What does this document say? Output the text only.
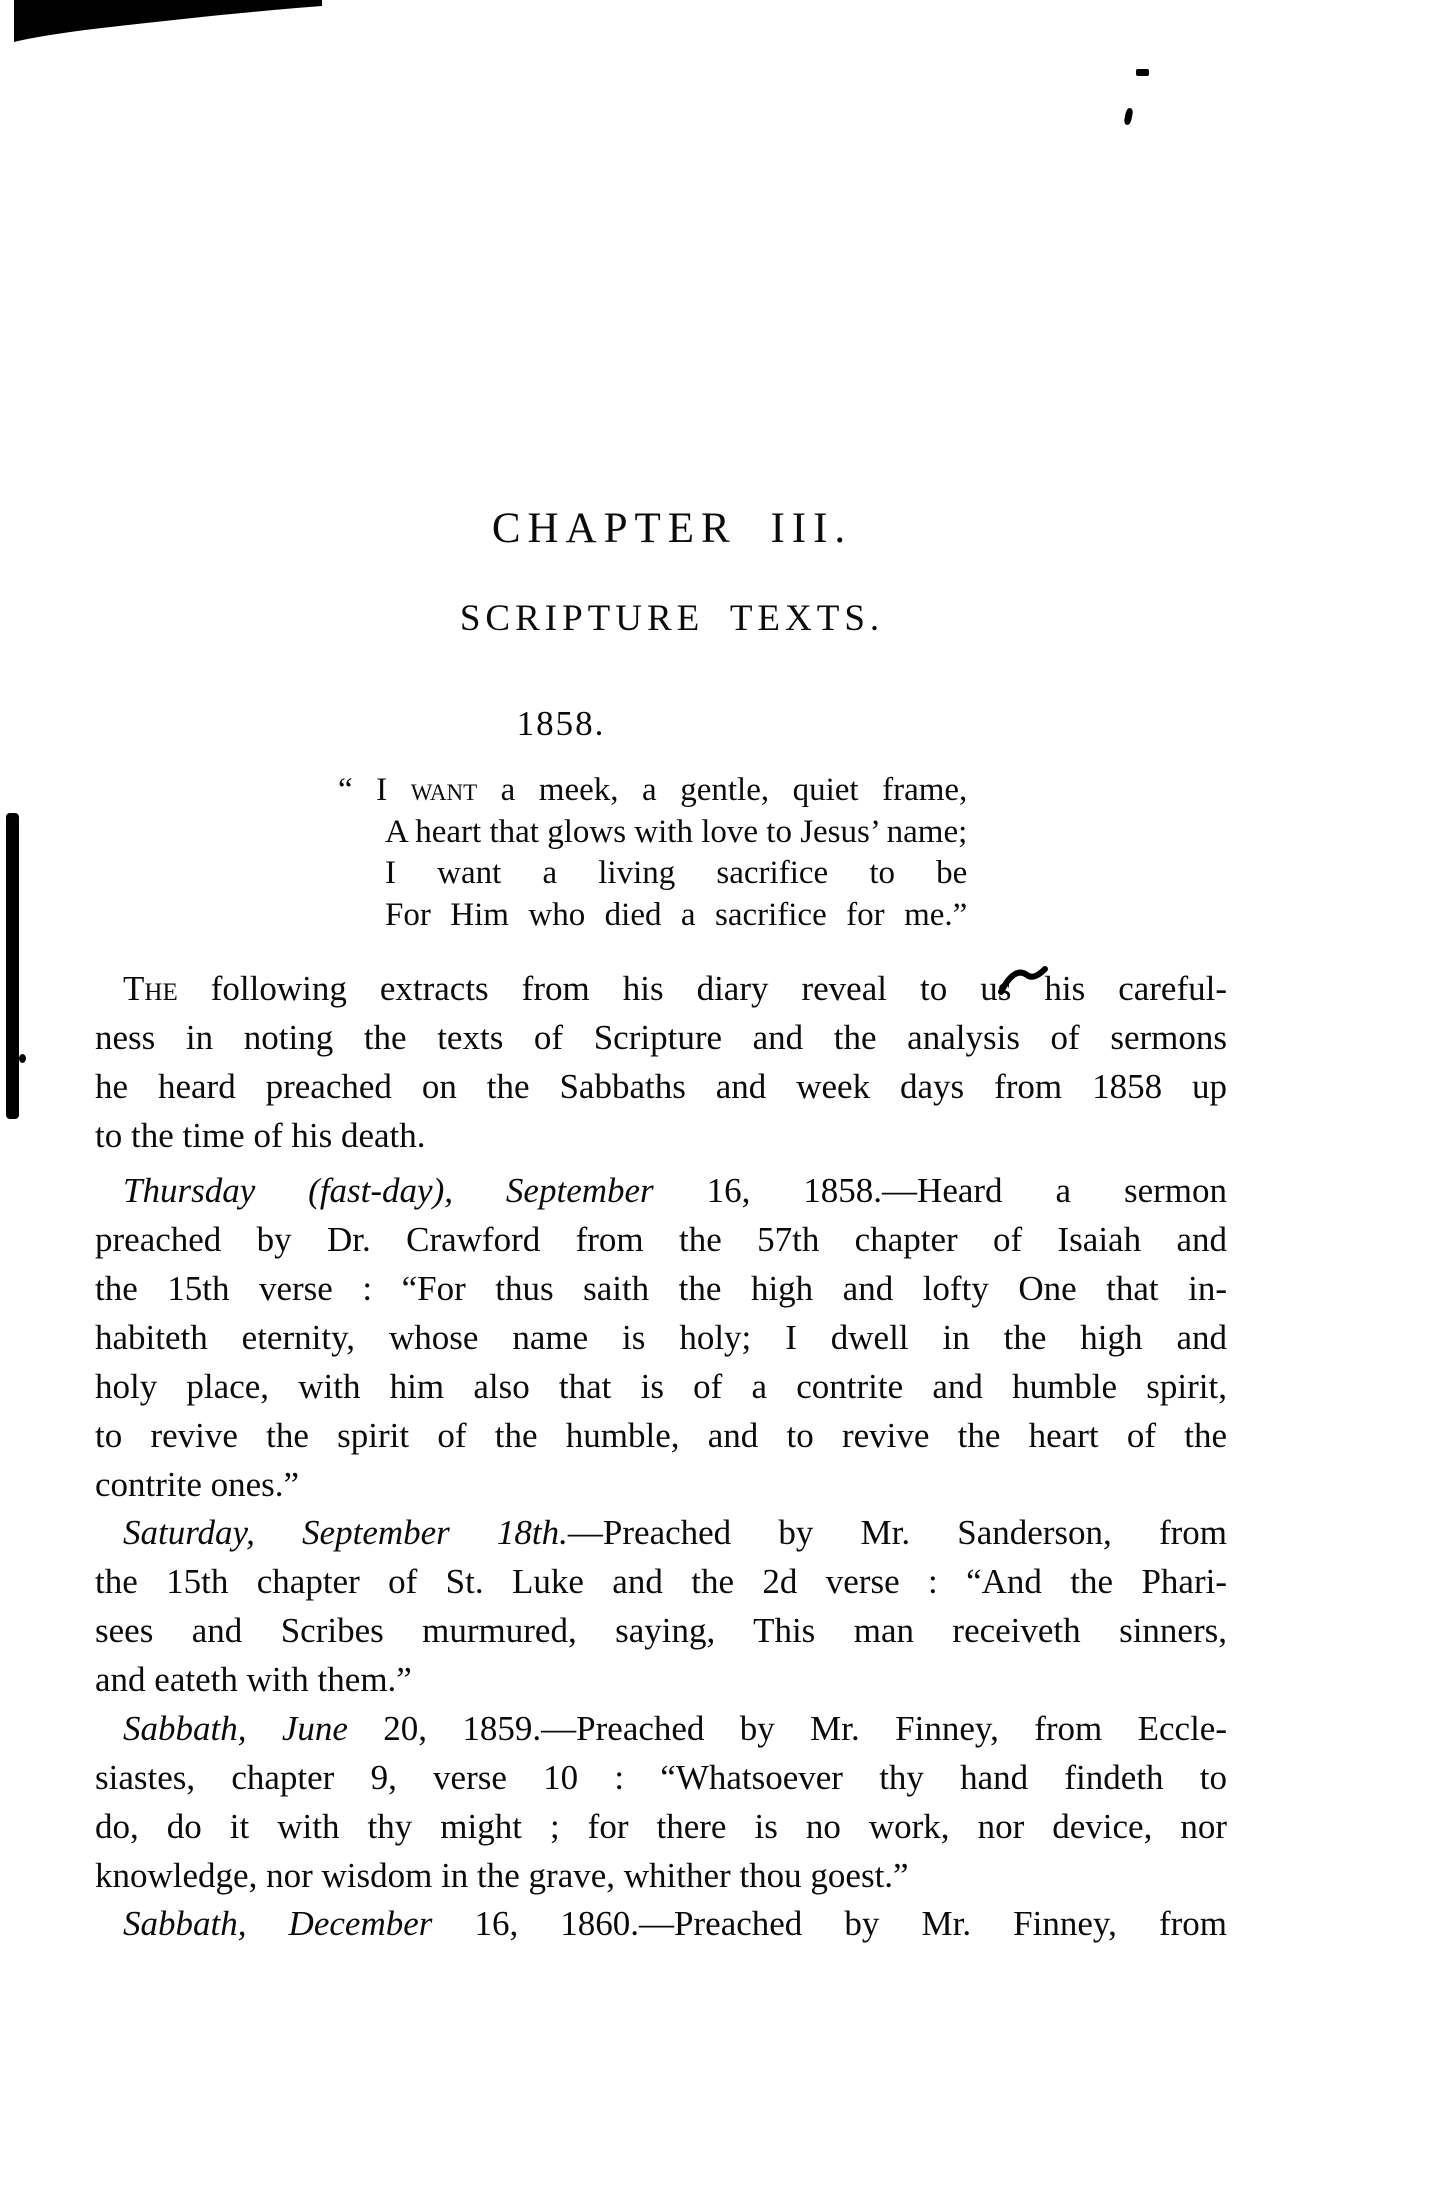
CHAPTER III.
SCRIPTURE TEXTS.
1858.
“ I want a meek, a gentle, quiet frame,
A heart that glows with love to Jesus’ name;
I want a living sacrifice to be
For Him who died a sacrifice for me.”
The following extracts from his diary reveal to us his careful-
ness in noting the texts of Scripture and the analysis of sermons
he heard preached on the Sabbaths and week days from 1858 up
to the time of his death.
Thursday (fast-day), September 16, 1858.—Heard a sermon
preached by Dr. Crawford from the 57th chapter of Isaiah and
the 15th verse : “For thus saith the high and lofty One that in-
habiteth eternity, whose name is holy; I dwell in the high and
holy place, with him also that is of a contrite and humble spirit,
to revive the spirit of the humble, and to revive the heart of the
contrite ones.”
Saturday, September 18th.—Preached by Mr. Sanderson, from
the 15th chapter of St. Luke and the 2d verse : “And the Phari-
sees and Scribes murmured, saying, This man receiveth sinners,
and eateth with them.”
Sabbath, June 20, 1859.—Preached by Mr. Finney, from Eccle-
siastes, chapter 9, verse 10 : “Whatsoever thy hand findeth to
do, do it with thy might ; for there is no work, nor device, nor
knowledge, nor wisdom in the grave, whither thou goest.”
Sabbath, December 16, 1860.—Preached by Mr. Finney, from
